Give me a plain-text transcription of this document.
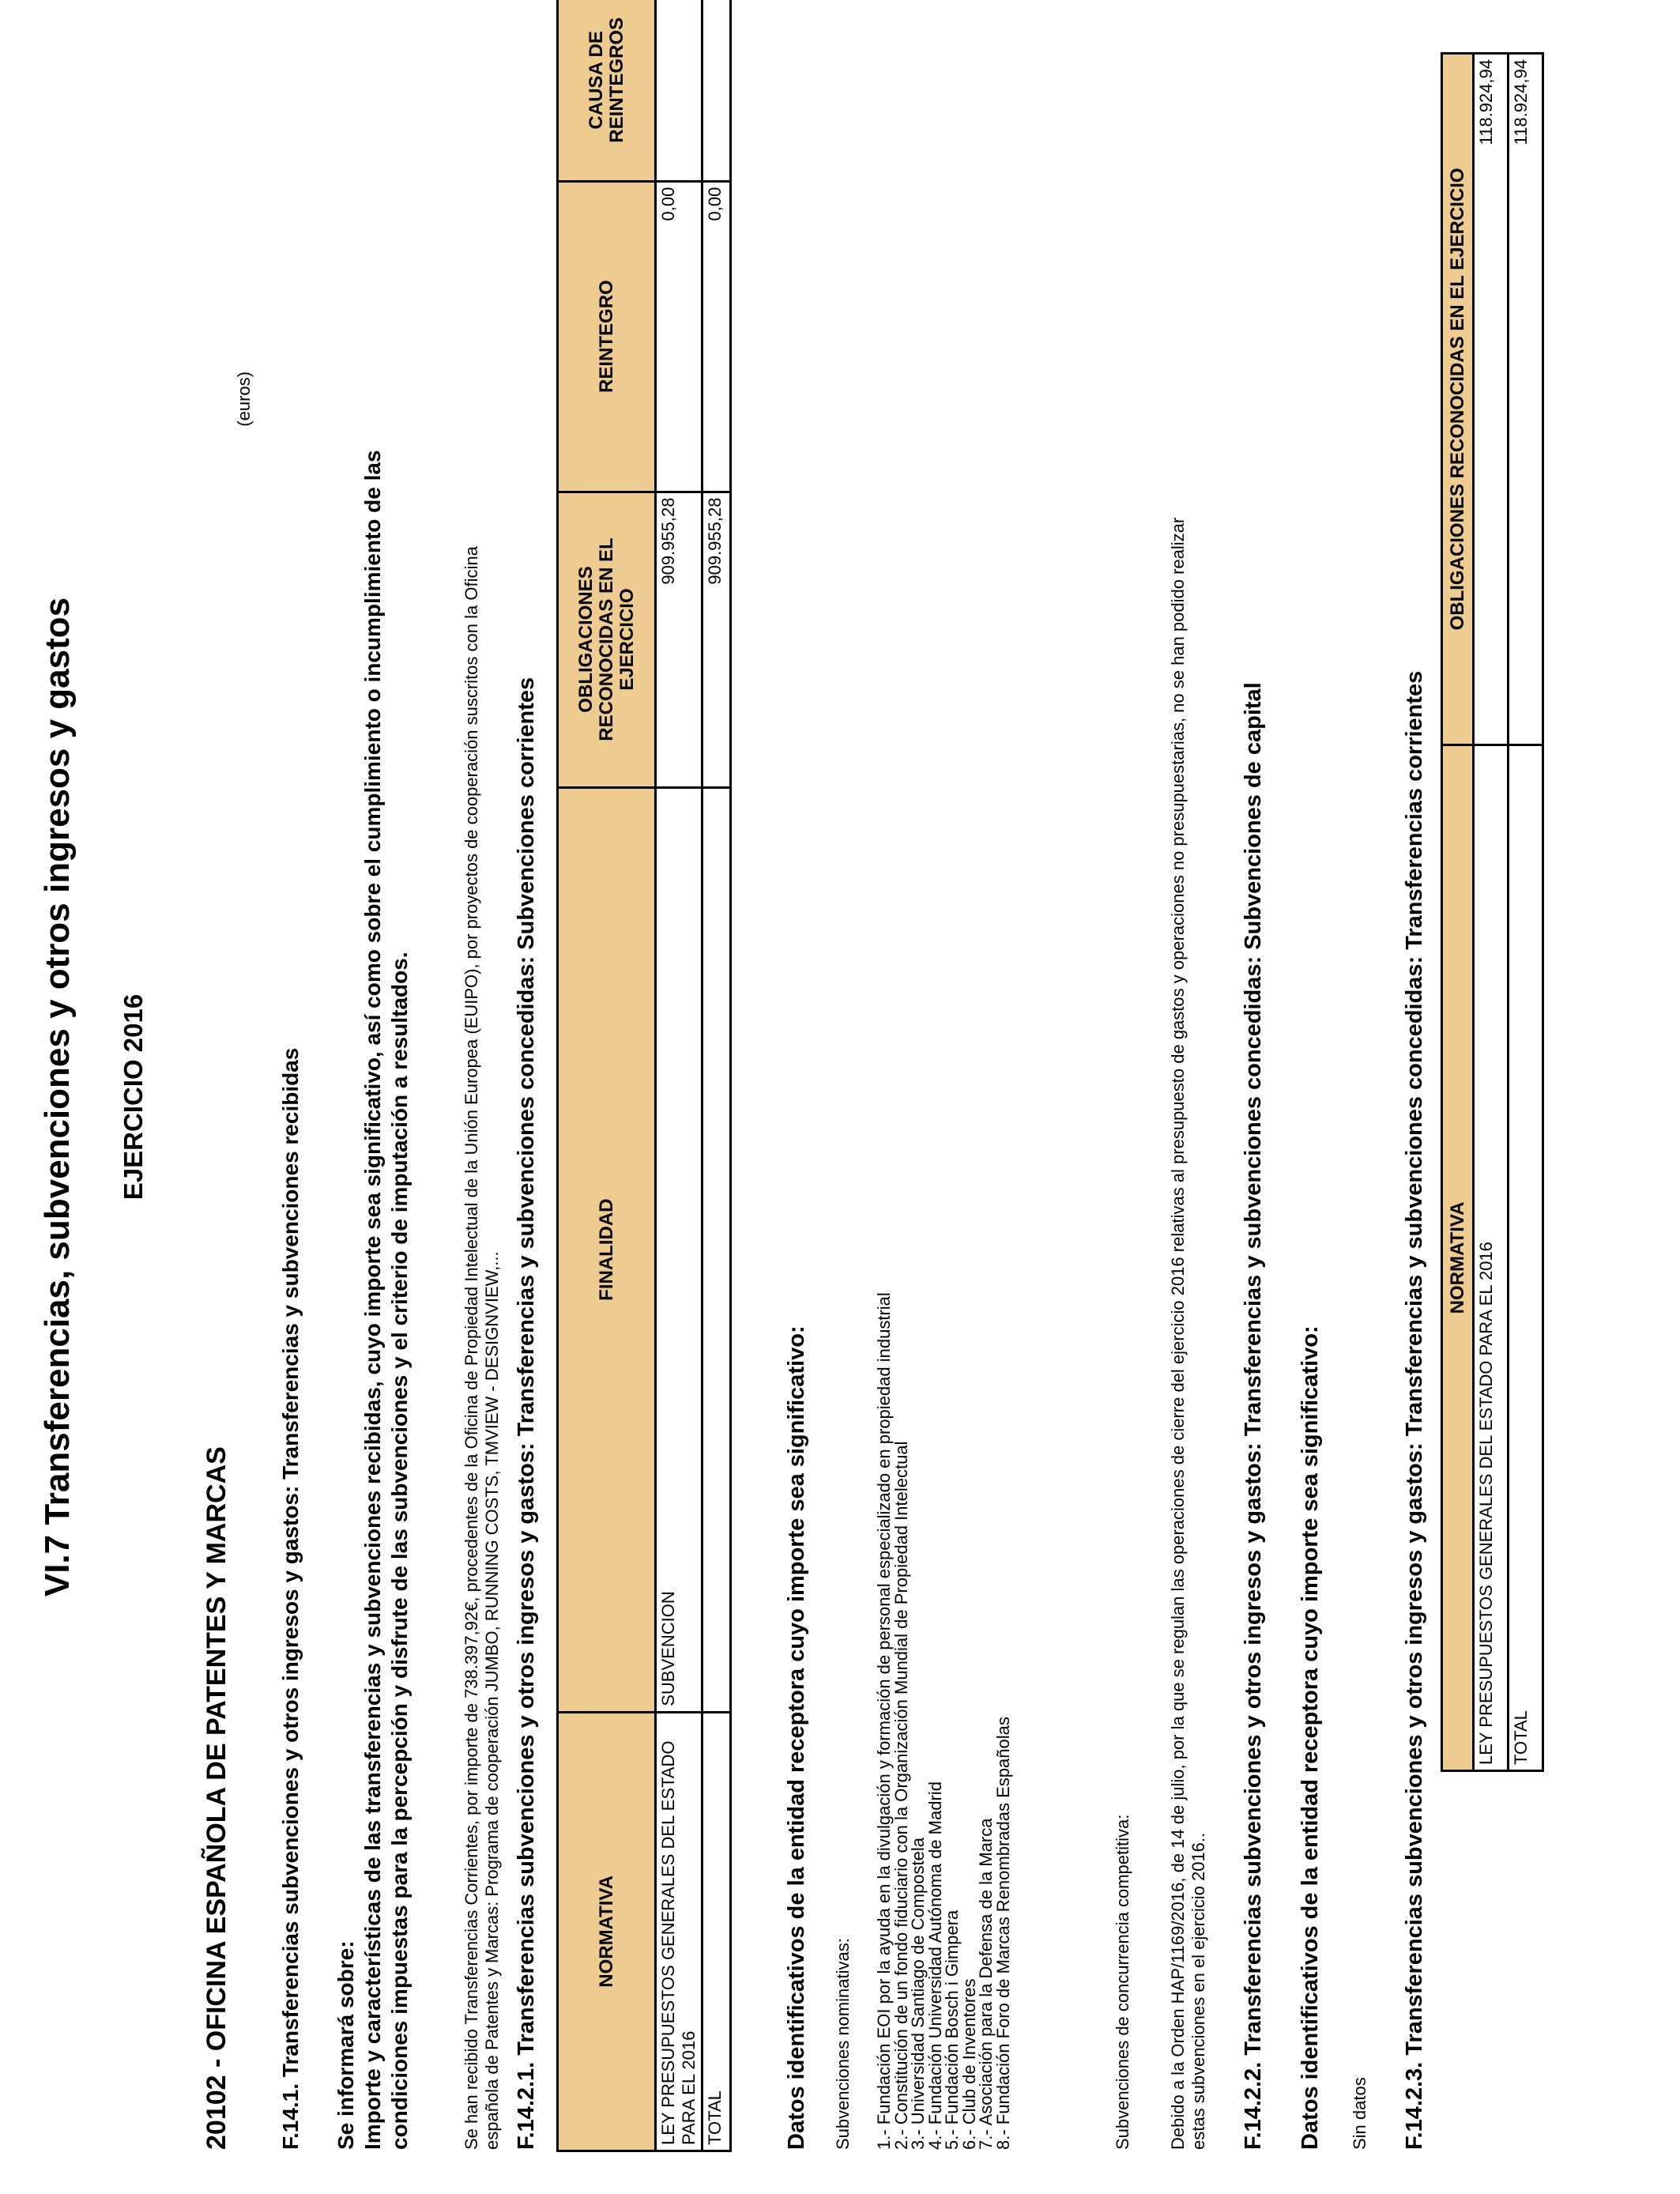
VI.7 Transferencias, subvenciones y otros ingresos y gastos EJERCICIO 2016
(euros)
20102 - OFICINA ESPAÑOLA DE PATENTES Y MARCAS F.14.1. Transferencias subvenciones y otros ingresos y gastos: Transferencias y subvenciones recibidas Se informará sobre: Importe y características de las transferencias y subvenciones recibidas, cuyo importe sea significativo, así como sobre el cumplimiento o incumplimiento de las condiciones impuestas para la percepción y disfrute de las subvenciones y el criterio de imputación a resultados.	Se han recibido Transferencias Corrientes, por importe de 738.397,92€, procedentes de la Oficina de Propiedad Intelectual de la Unión Europea (EUIPO), por proyectos de cooperación suscritos con la Oficina española de Patentes y Marcas: Programa de cooperación JUMBO, RUNNING COSTS, TMVIEW - DESIGNVIEW,... F.14.2.1. Transferencias subvenciones y otros ingresos y gastos: Transferencias y subvenciones concedidas: Subvenciones corrientes	NORMATIVA	FINALIDAD	OBLIGACIONES RECONOCIDAS EN EL EJERCICIO	REINTEGRO	CAUSA DE REINTEGROS

LEY PRESUPUESTOS GENERALES DEL ESTADO PARA EL 2016	SUBVENCION	909.955,28	0,00	
TOTAL		909.955,28	0,00	
Datos identificativos de la entidad receptora cuyo importe sea significativo: Subvenciones nominativas: 1.- Fundación EOI por la ayuda en la divulgación y formación de personal especializado en propiedad industrial
2.- Constitución de un fondo fiduciario con la Organización Mundial de Propiedad Intelectual
3.- Universidad Santiago de Compostela
4.- Fundación Universidad Autónoma de Madrid
5.- Fundación Bosch i Gimpera
6.- Club de Inventores
7.- Asociación para la Defensa de la Marca
8.- Fundación Foro de Marcas Renombradas Españolas	Subvenciones de concurrencia competitiva: Debido a la Orden HAP/1169/2016, de 14 de julio, por la que se regulan las operaciones de cierre del ejercicio 2016 relativas al presupuesto de gastos y operaciones no presupuestarias, no se han podido realizar estas subvenciones en el ejercicio 2016.. F.14.2.2. Transferencias subvenciones y otros ingresos y gastos: Transferencias y subvenciones concedidas: Subvenciones de capital Datos identificativos de la entidad receptora cuyo importe sea significativo: Sin datos F.14.2.3. Transferencias subvenciones y otros ingresos y gastos: Transferencias y subvenciones concedidas: Transferencias corrientes NORMATIVA	OBLIGACIONES RECONOCIDAS EN EL EJERCICIO
LEY PRESUPUESTOS GENERALES DEL ESTADO PARA EL 2016	118.924,94
TOTAL	118.924,94
